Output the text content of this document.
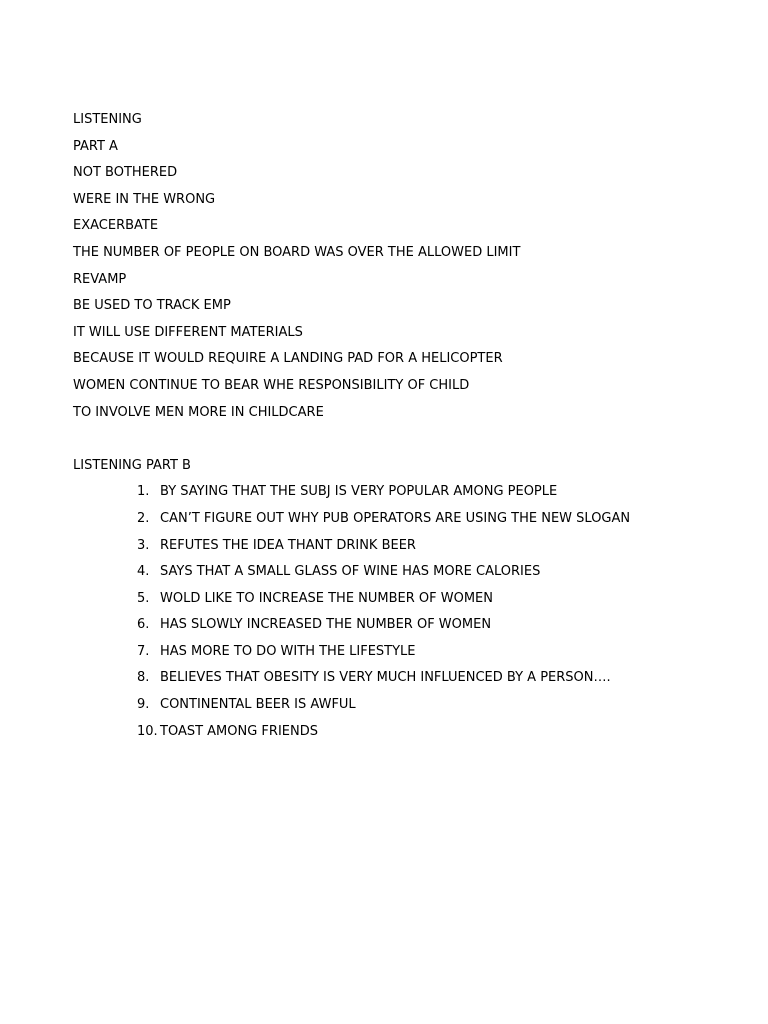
LISTENING
PART A
NOT BOTHERED
WERE IN THE WRONG
EXACERBATE
THE NUMBER OF PEOPLE ON BOARD WAS OVER THE ALLOWED LIMIT
REVAMP
BE USED TO TRACK EMP
IT WILL USE DIFFERENT MATERIALS
BECAUSE IT WOULD REQUIRE A LANDING PAD FOR A HELICOPTER
WOMEN CONTINUE TO BEAR WHE RESPONSIBILITY OF CHILD
TO INVOLVE MEN MORE IN CHILDCARE
LISTENING PART B
1. BY SAYING THAT THE SUBJ IS VERY POPULAR AMONG PEOPLE
2. CAN’T FIGURE OUT WHY PUB OPERATORS ARE USING THE NEW SLOGAN
3. REFUTES THE IDEA THANT DRINK BEER
4. SAYS THAT A SMALL GLASS OF WINE HAS MORE CALORIES
5. WOLD LIKE TO INCREASE THE NUMBER OF WOMEN
6. HAS SLOWLY INCREASED THE NUMBER OF WOMEN
7. HAS MORE TO DO WITH THE LIFESTYLE
8. BELIEVES THAT OBESITY IS VERY MUCH INFLUENCED BY A PERSON….
9. CONTINENTAL BEER IS AWFUL
10. TOAST AMONG FRIENDS
